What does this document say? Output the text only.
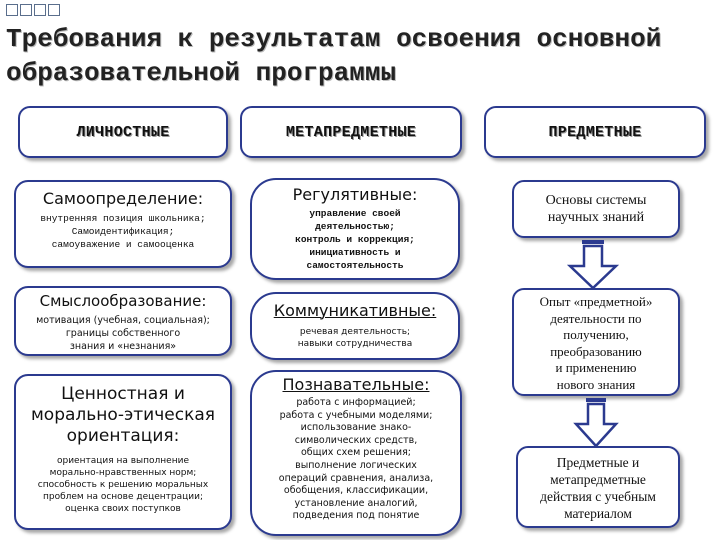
Требования к результатам освоения основной образовательной программы
ЛИЧНОСТНЫЕ	МЕТАПРЕДМЕТНЫЕ	ПРЕДМЕТНЫЕ
Самоопределение:
внутренняя позиция школьника;
Самоидентификация;
самоуважение и самооценка
Смыслообразование:
мотивация (учебная, социальная);
границы собственного
знания и «незнания»
Ценностная и морально-этическая ориентация:
ориентация на выполнение
морально-нравственных норм;
способность к решению моральных
проблем на основе децентрации;
оценка своих поступков
Регулятивные:
управление своей
деятельностью;
контроль и коррекция;
инициативность и
самостоятельность
Коммуникативные:
речевая деятельность;
навыки сотрудничества
Познавательные:
работа с информацией;
работа с учебными моделями;
использование знако-
символических средств,
общих схем решения;
выполнение логических
операций сравнения, анализа,
обобщения, классификации,
установление аналогий,
подведения под понятие
Основы системы
научных знаний
Опыт «предметной»
деятельности по
получению,
преобразованию
и применению
нового знания
Предметные и
метапредметные
действия с учебным
материалом
